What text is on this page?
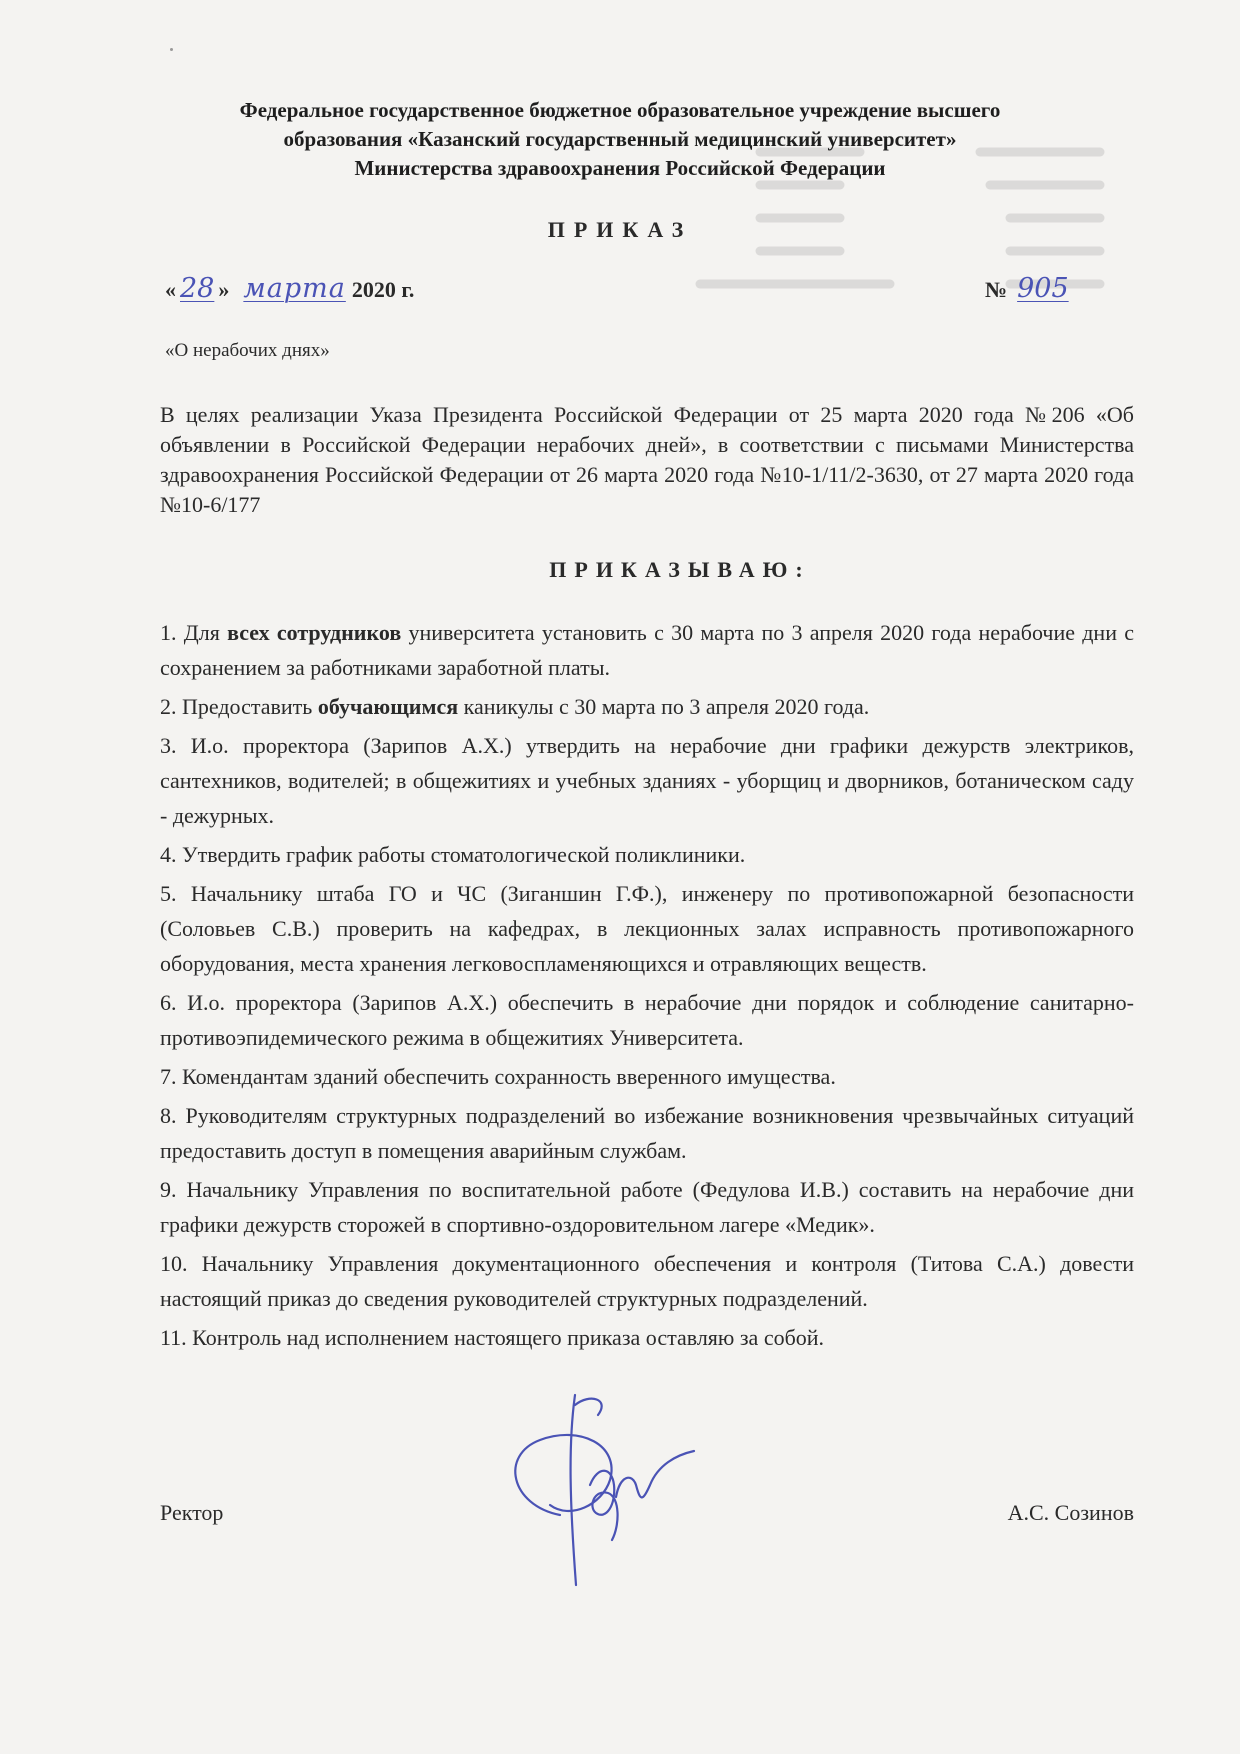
Федеральное государственное бюджетное образовательное учреждение высшего
образования «Казанский государственный медицинский университет»
Министерства здравоохранения Российской Федерации
ПРИКАЗ
« 28 » марта 2020 г.	№ 905
«О нерабочих днях»
В целях реализации Указа Президента Российской Федерации от 25 марта 2020 года №206 «Об объявлении в Российской Федерации нерабочих дней», в соответствии с письмами Министерства здравоохранения Российской Федерации от 26 марта 2020 года №10-1/11/2-3630, от 27 марта 2020 года №10-6/177
ПРИКАЗЫВАЮ:
1. Для всех сотрудников университета установить с 30 марта по 3 апреля 2020 года нерабочие дни с сохранением за работниками заработной платы.
2. Предоставить обучающимся каникулы с 30 марта по 3 апреля 2020 года.
3. И.о. проректора (Зарипов А.Х.) утвердить на нерабочие дни графики дежурств электриков, сантехников, водителей; в общежитиях и учебных зданиях - уборщиц и дворников, ботаническом саду - дежурных.
4. Утвердить график работы стоматологической поликлиники.
5. Начальнику штаба ГО и ЧС (Зиганшин Г.Ф.), инженеру по противопожарной безопасности (Соловьев С.В.) проверить на кафедрах, в лекционных залах исправность противопожарного оборудования, места хранения легковоспламеняющихся и отравляющих веществ.
6. И.о. проректора (Зарипов А.Х.) обеспечить в нерабочие дни порядок и соблюдение санитарно-противоэпидемического режима в общежитиях Университета.
7. Комендантам зданий обеспечить сохранность вверенного имущества.
8. Руководителям структурных подразделений во избежание возникновения чрезвычайных ситуаций предоставить доступ в помещения аварийным службам.
9. Начальнику Управления по воспитательной работе (Федулова И.В.) составить на нерабочие дни графики дежурств сторожей в спортивно-оздоровительном лагере «Медик».
10. Начальнику Управления документационного обеспечения и контроля (Титова С.А.) довести настоящий приказ до сведения руководителей структурных подразделений.
11. Контроль над исполнением настоящего приказа оставляю за собой.
Ректор	А.С. Созинов
